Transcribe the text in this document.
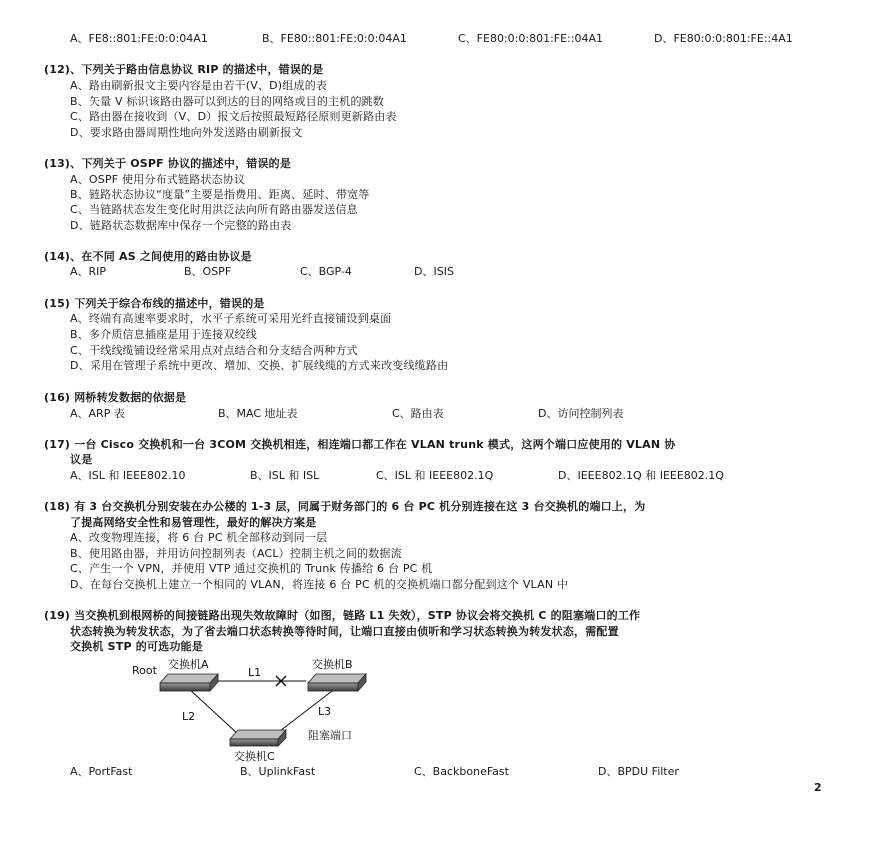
A、FE8::801:FE:0:0:04A1	B、FE80::801:FE:0:0:04A1	C、FE80:0:0:801:FE::04A1	D、FE80:0:0:801:FE::4A1
(12)、下列关于路由信息协议 RIP 的描述中，错误的是
A、路由刷新报文主要内容是由若干(V、D)组成的表
B、矢量 V 标识该路由器可以到达的目的网络或目的主机的跳数
C、路由器在接收到（V、D）报文后按照最短路径原则更新路由表
D、要求路由器周期性地向外发送路由刷新报文
(13)、下列关于 OSPF 协议的描述中，错误的是
A、OSPF 使用分布式链路状态协议
B、链路状态协议“度量”主要是指费用、距离、延时、带宽等
C、当链路状态发生变化时用洪泛法向所有路由器发送信息
D、链路状态数据库中保存一个完整的路由表
(14)、在不同 AS 之间使用的路由协议是
A、RIP	B、OSPF	C、BGP-4	D、ISIS
(15) 下列关于综合布线的描述中，错误的是
A、终端有高速率要求时，水平子系统可采用光纤直接铺设到桌面
B、多介质信息插座是用于连接双绞线
C、干线线缆铺设经常采用点对点结合和分支结合两种方式
D、采用在管理子系统中更改、增加、交换、扩展线缆的方式来改变线缆路由
(16) 网桥转发数据的依据是
A、ARP 表	B、MAC 地址表	C、路由表	D、访问控制列表
(17) 一台 Cisco 交换机和一台 3COM 交换机相连，相连端口都工作在 VLAN trunk 模式，这两个端口应使用的 VLAN 协
议是
A、ISL 和 IEEE802.10	B、ISL 和 ISL	C、ISL 和 IEEE802.1Q	D、IEEE802.1Q 和 IEEE802.1Q
(18) 有 3 台交换机分别安装在办公楼的 1-3 层，同属于财务部门的 6 台 PC 机分别连接在这 3 台交换机的端口上，为
了提高网络安全性和易管理性，最好的解决方案是
A、改变物理连接，将 6 台 PC 机全部移动到同一层
B、使用路由器，并用访问控制列表（ACL）控制主机之间的数据流
C、产生一个 VPN，并使用 VTP 通过交换机的 Trunk 传播给 6 台 PC 机
D、在每台交换机上建立一个相同的 VLAN，将连接 6 台 PC 机的交换机端口都分配到这个 VLAN 中
(19) 当交换机到根网桥的间接链路出现失效故障时（如图，链路 L1 失效），STP 协议会将交换机 C 的阻塞端口的工作
状态转换为转发状态，为了省去端口状态转换等待时间，让端口直接由侦听和学习状态转换为转发状态，需配置
交换机 STP 的可选功能是
Root 交换机A	交换机B
L1
L2	L3
阻塞端口
交换机C
A、PortFast	B、UplinkFast	C、BackboneFast	D、BPDU Filter
2
